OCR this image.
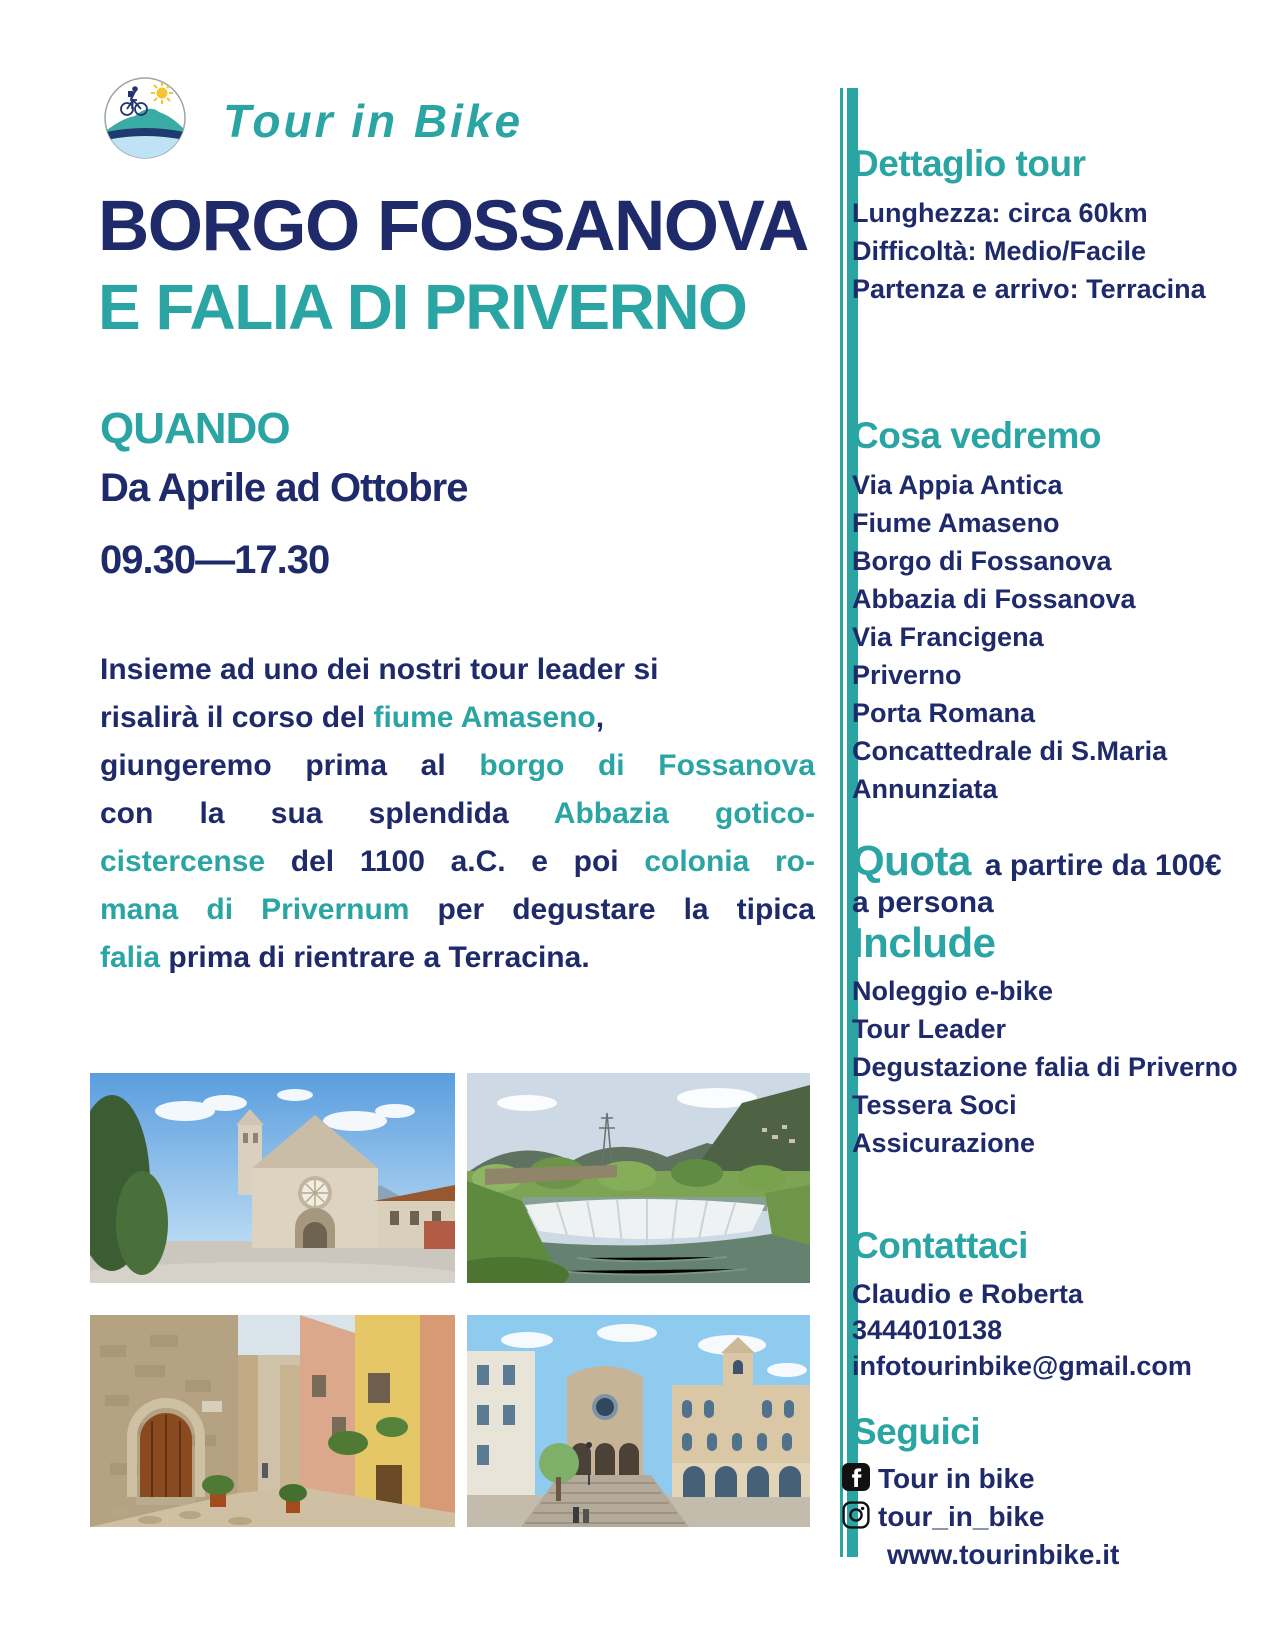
Tour in Bike
BORGO FOSSANOVA
E FALIA DI PRIVERNO
QUANDO
Da Aprile ad Ottobre
09.30—17.30
Insieme ad uno dei nostri tour leader si
risalirà il corso del fiume Amaseno,
giungeremo prima al borgo di Fossanova
con la sua splendida Abbazia gotico-
cistercense del 1100 a.C. e poi colonia ro-
mana di Privernum per degustare la tipica
falia prima di rientrare a Terracina.
Dettaglio tour
Lunghezza: circa 60km
Difficoltà: Medio/Facile
Partenza e arrivo: Terracina
Cosa vedremo
Via Appia Antica
Fiume Amaseno
Borgo di Fossanova
Abbazia di Fossanova
Via Francigena
Priverno
Porta Romana
Concattedrale di S.Maria Annunziata
Quota a partire da 100€
a persona
Include
Noleggio e-bike
Tour Leader
Degustazione falia di Priverno
Tessera Soci
Assicurazione
Contattaci
Claudio e Roberta
3444010138
infotourinbike@gmail.com
Seguici
Tour in bike
tour_in_bike
www.tourinbike.it
